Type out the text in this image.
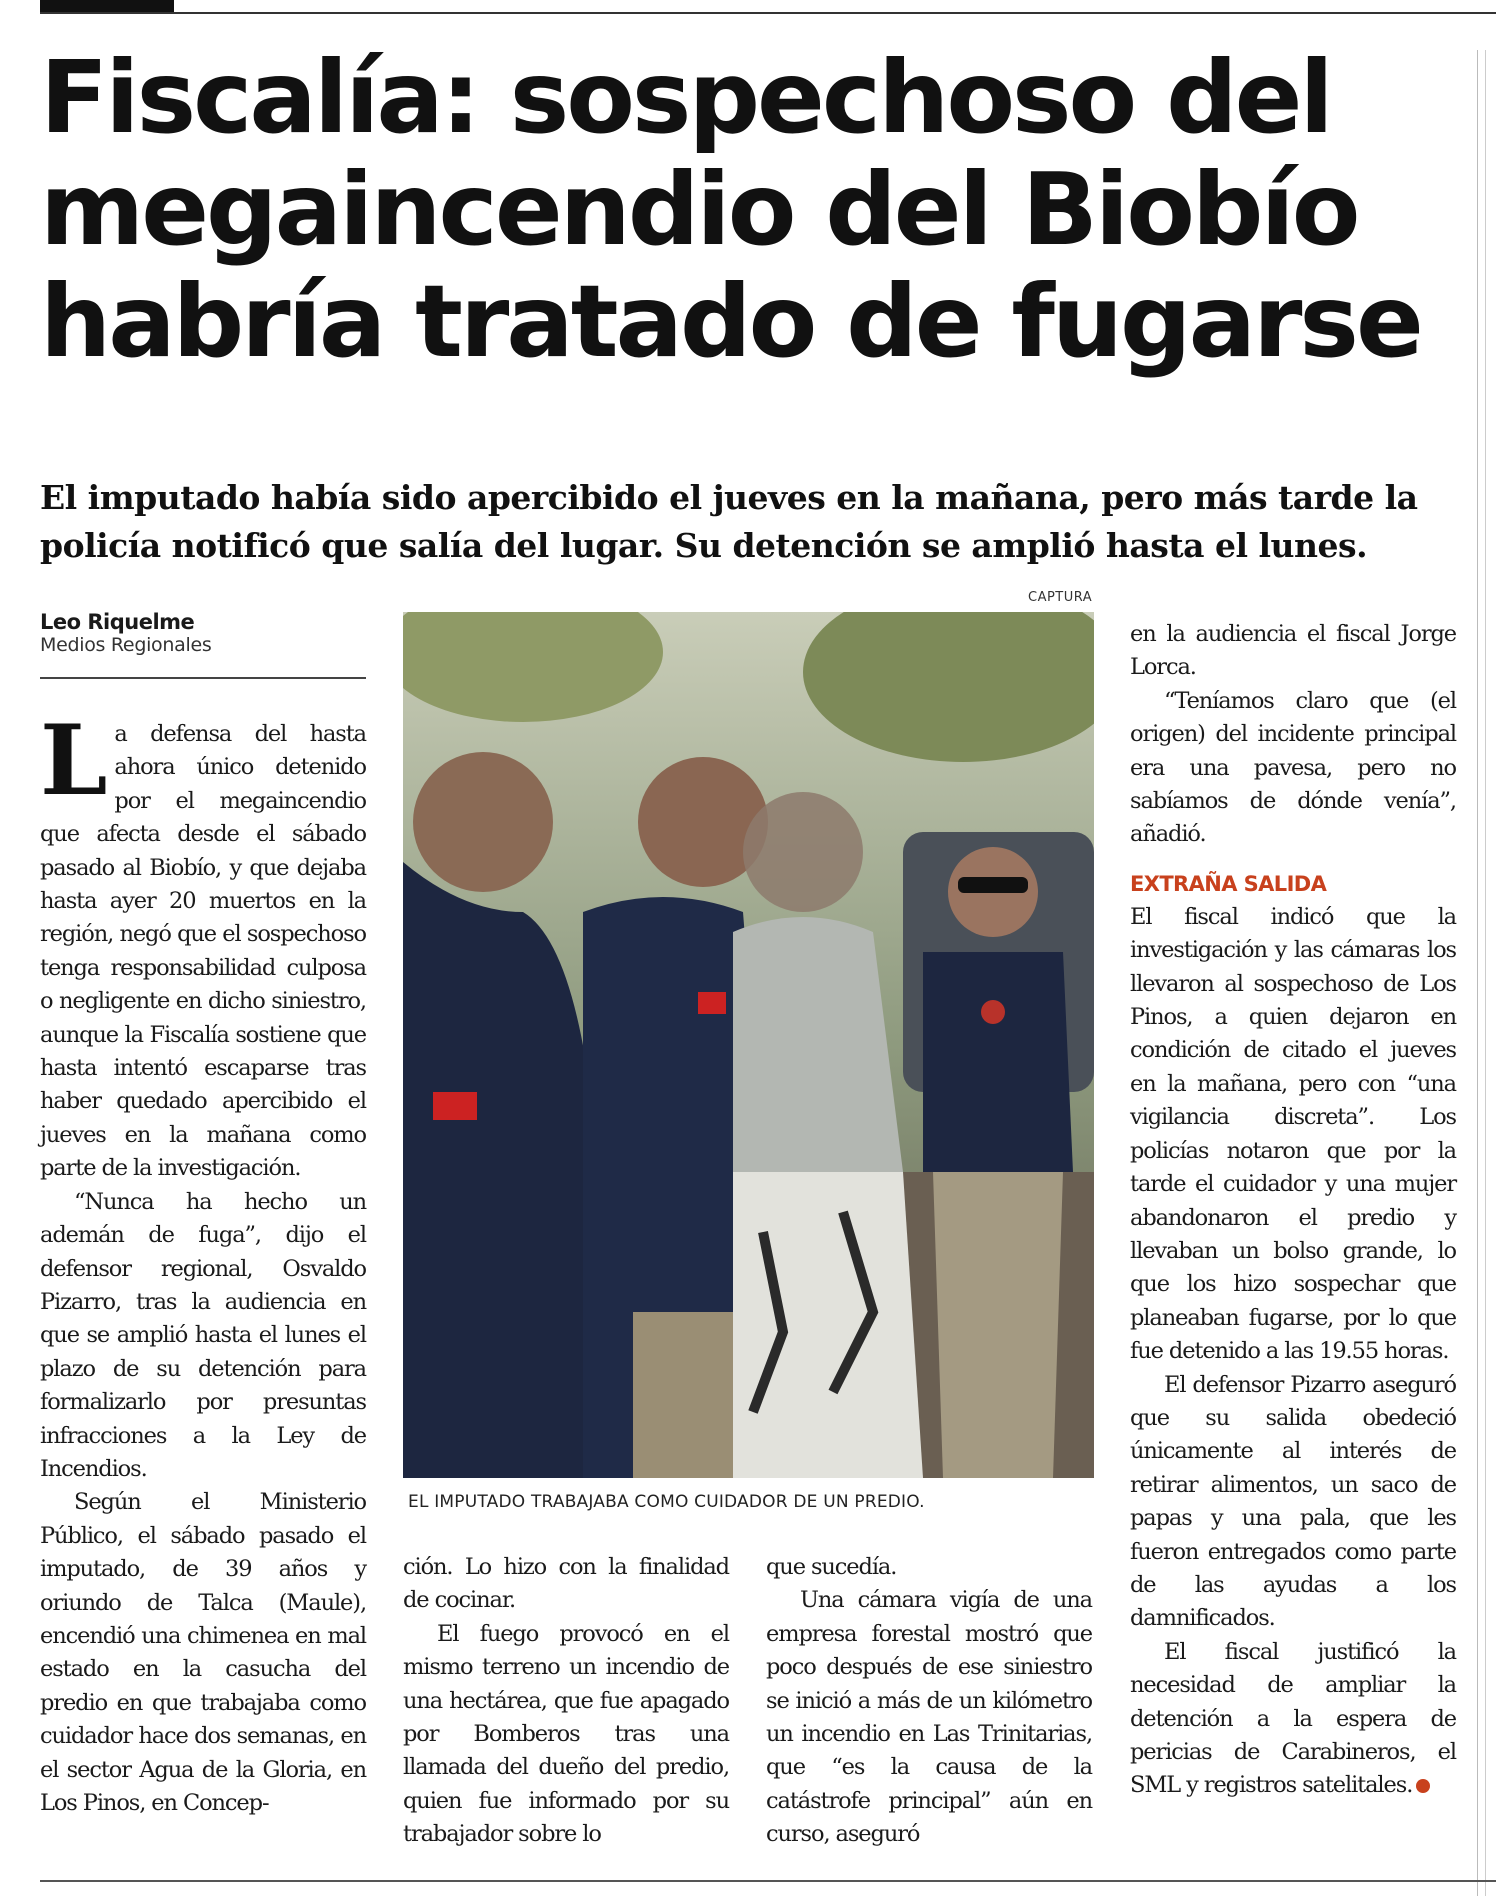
Fiscalía: sospechoso del megaincendio del Biobío habría tratado de fugarse

El imputado había sido apercibido el jueves en la mañana, pero más tarde la policía notificó que salía del lugar. Su detención se amplió hasta el lunes.

Leo Riquelme
Medios Regionales

La defensa del hasta ahora único detenido por el megaincendio que afecta desde el sábado pasado al Biobío, y que dejaba hasta ayer 20 muertos en la región, negó que el sospechoso tenga responsabilidad culposa o negligente en dicho siniestro, aunque la Fiscalía sostiene que hasta intentó escaparse tras haber quedado apercibido el jueves en la mañana como parte de la investigación.

“Nunca ha hecho un ademán de fuga”, dijo el defensor regional, Osvaldo Pizarro, tras la audiencia en que se amplió hasta el lunes el plazo de su detención para formalizarlo por presuntas infracciones a la Ley de Incendios.

Según el Ministerio Público, el sábado pasado el imputado, de 39 años y oriundo de Talca (Maule), encendió una chimenea en mal estado en la casucha del predio en que trabajaba como cuidador hace dos semanas, en el sector Agua de la Gloria, en Los Pinos, en Concep-

CAPTURA
EL IMPUTADO TRABAJABA COMO CUIDADOR DE UN PREDIO.

ción. Lo hizo con la finalidad de cocinar.

El fuego provocó en el mismo terreno un incendio de una hectárea, que fue apagado por Bomberos tras una llamada del dueño del predio, quien fue informado por su trabajador sobre lo

que sucedía.

Una cámara vigía de una empresa forestal mostró que poco después de ese siniestro se inició a más de un kilómetro un incendio en Las Trinitarias, que “es la causa de la catástrofe principal” aún en curso, aseguró

en la audiencia el fiscal Jorge Lorca.

“Teníamos claro que (el origen) del incidente principal era una pavesa, pero no sabíamos de dónde venía”, añadió.

EXTRAÑA SALIDA

El fiscal indicó que la investigación y las cámaras los llevaron al sospechoso de Los Pinos, a quien dejaron en condición de citado el jueves en la mañana, pero con “una vigilancia discreta”. Los policías notaron que por la tarde el cuidador y una mujer abandonaron el predio y llevaban un bolso grande, lo que los hizo sospechar que planeaban fugarse, por lo que fue detenido a las 19.55 horas.

El defensor Pizarro aseguró que su salida obedeció únicamente al interés de retirar alimentos, un saco de papas y una pala, que les fueron entregados como parte de las ayudas a los damnificados.

El fiscal justificó la necesidad de ampliar la detención a la espera de pericias de Carabineros, el SML y registros satelitales.
